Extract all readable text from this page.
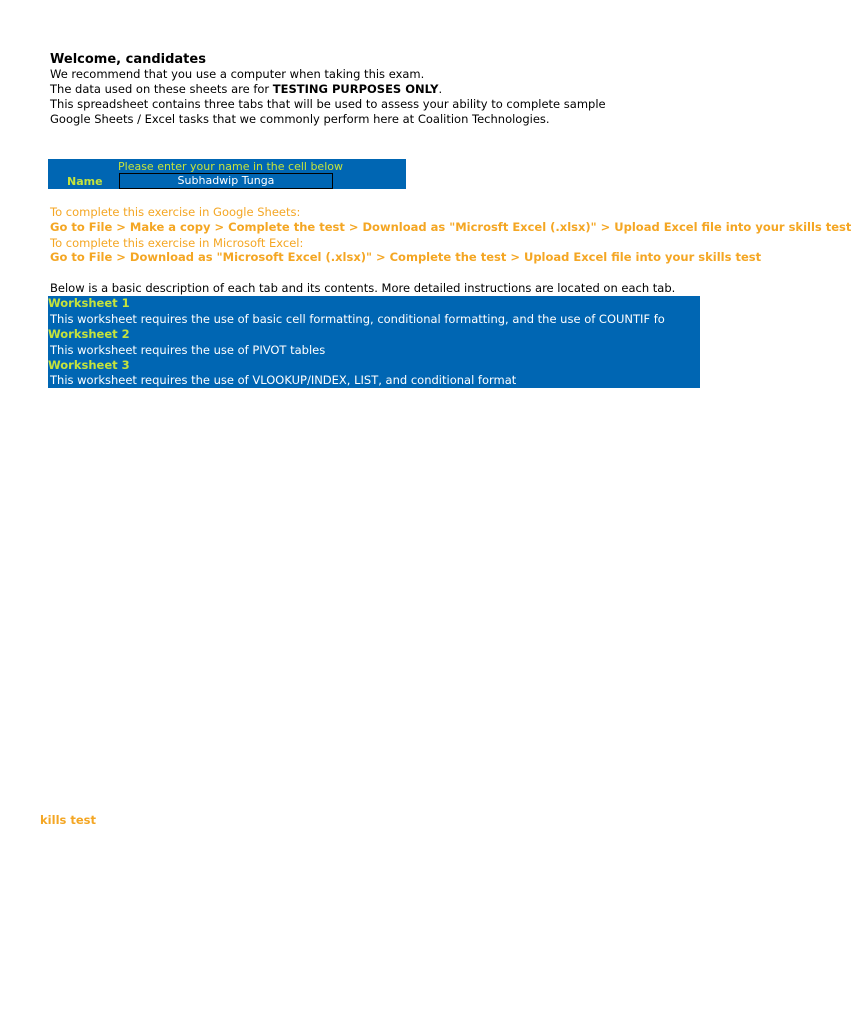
Welcome, candidates
We recommend that you use a computer when taking this exam.
The data used on these sheets are for TESTING PURPOSES ONLY.
This spreadsheet contains three tabs that will be used to assess your ability to complete sample
Google Sheets / Excel tasks that we commonly perform here at Coalition Technologies.
Please enter your name in the cell below
Name
Subhadwip Tunga
To complete this exercise in Google Sheets:
Go to File > Make a copy > Complete the test > Download as "Microsft Excel (.xlsx)" > Upload Excel file into your skills test
To complete this exercise in Microsoft Excel:
Go to File > Download as "Microsoft Excel (.xlsx)" > Complete the test > Upload Excel file into your skills test
Below is a basic description of each tab and its contents. More detailed instructions are located on each tab.
Worksheet 1
This worksheet requires the use of basic cell formatting, conditional formatting, and the use of COUNTIF fo
Worksheet 2
This worksheet requires the use of PIVOT tables
Worksheet 3
This worksheet requires the use of VLOOKUP/INDEX, LIST, and conditional format
kills test
